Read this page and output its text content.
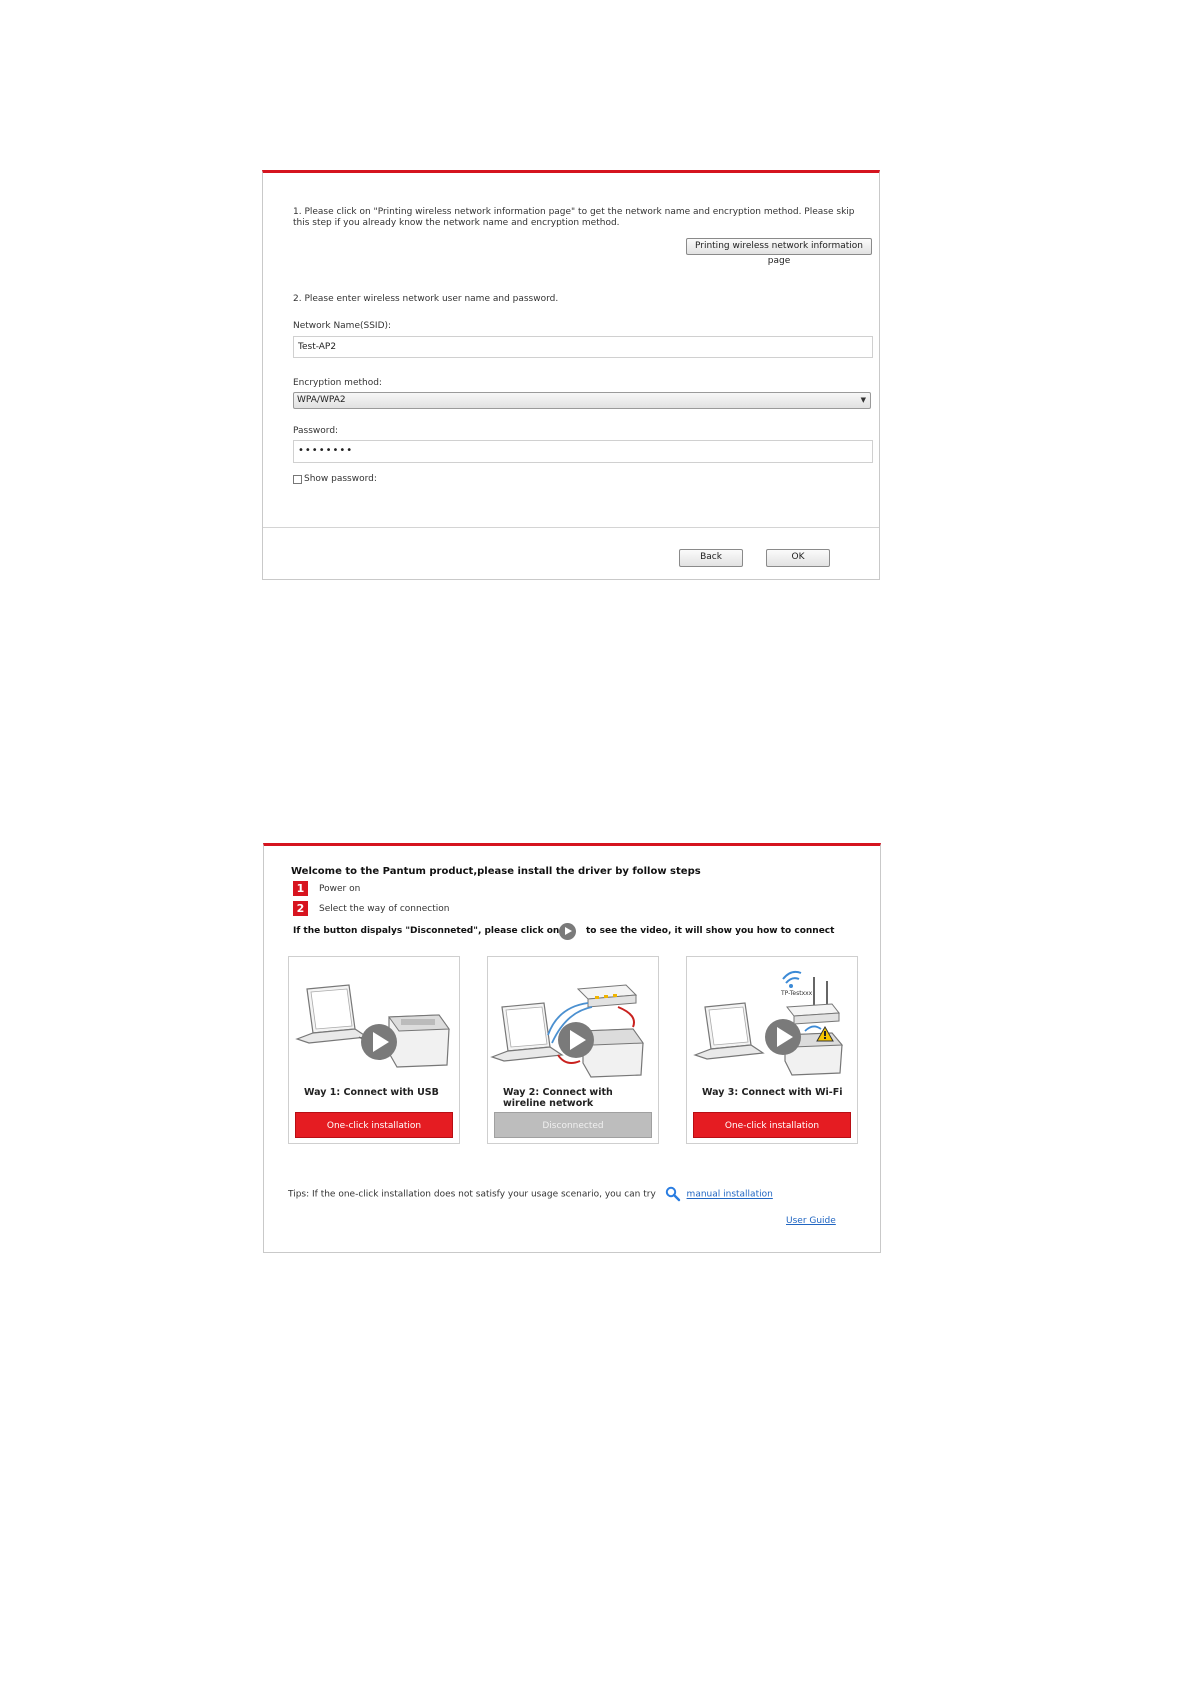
1. Please click on "Printing wireless network information page" to get the network name and encryption method. Please skip this step if you already know the network name and encryption method.
Printing wireless network information page
2. Please enter wireless network user name and password.
Network Name(SSID):
Test-AP2
Encryption method:
WPA/WPA2	▼
Password:
••••••••
Show password:
Back	OK
Welcome to the Pantum product,please install the driver by follow steps
1	Power on
2	Select the way of connection
If the button dispalys "Disconneted", please click on	to see the video, it will show you how to connect
Way 1: Connect with USB
One-click installation
Way 2: Connect with wireline network
Disconnected
TP-Testxxx
Way 3: Connect with Wi-Fi
One-click installation
Tips: If the one-click installation does not satisfy your usage scenario, you can try	manual installation
User Guide
